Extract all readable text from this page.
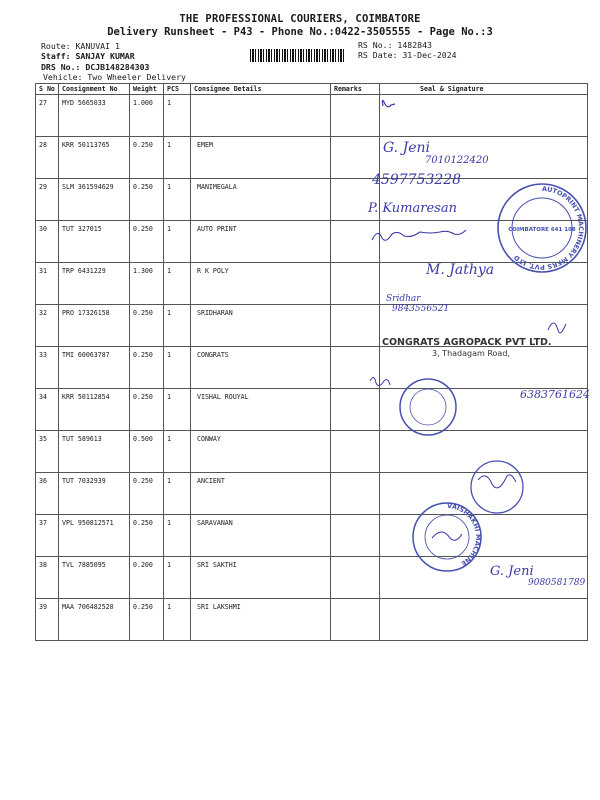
THE PROFESSIONAL COURIERS, COIMBATORE
Delivery Runsheet - P43 - Phone No.:0422-3505555 - Page No.:3
Route: KANUVAI 1
Staff: SANJAY KUMAR
DRS No.: DCJB148284303
Vehicle: Two Wheeler Delivery
RS No.: 1482843
RS Date: 31-Dec-2024
S No	Consignment No	Weight	PCS	Consignee Details	Remarks	Seal & Signature
27	MYD 5665033	1.000	1			
28	KRR 50113765	0.250	1	EMEM		
29	SLM 361594629	0.250	1	MANIMEGALA		
30	TUT 327015	0.250	1	AUTO PRINT		
31	TRP 6431229	1.300	1	R K POLY		
32	PRO 17326158	0.250	1	SRIDHARAN		
33	TMI 60063787	0.250	1	CONGRATS		
34	KRR 50112854	0.250	1	VISHAL ROUYAL		
35	TUT 589613	0.500	1	CONWAY		
36	TUT 7032939	0.250	1	ANCIENT		
37	VPL 950812571	0.250	1	SARAVANAN		
38	TVL 7885095	0.200	1	SRI SAKTHI		
39	MAA 706482520	0.250	1	SRI LAKSHMI		
G. Jeni
7010122420
4597753228
P. Kumaresan
M. Jathya
Sridhar
9843556521
AUTOPRINT MACHINERY MFRS PVT. LTD
COIMBATORE 641 108
CONGRATS AGROPACK PVT LTD.
3, Thadagam Road,
6383761624
VAISHAKHI MACHINE
G. Jeni
9080581789
